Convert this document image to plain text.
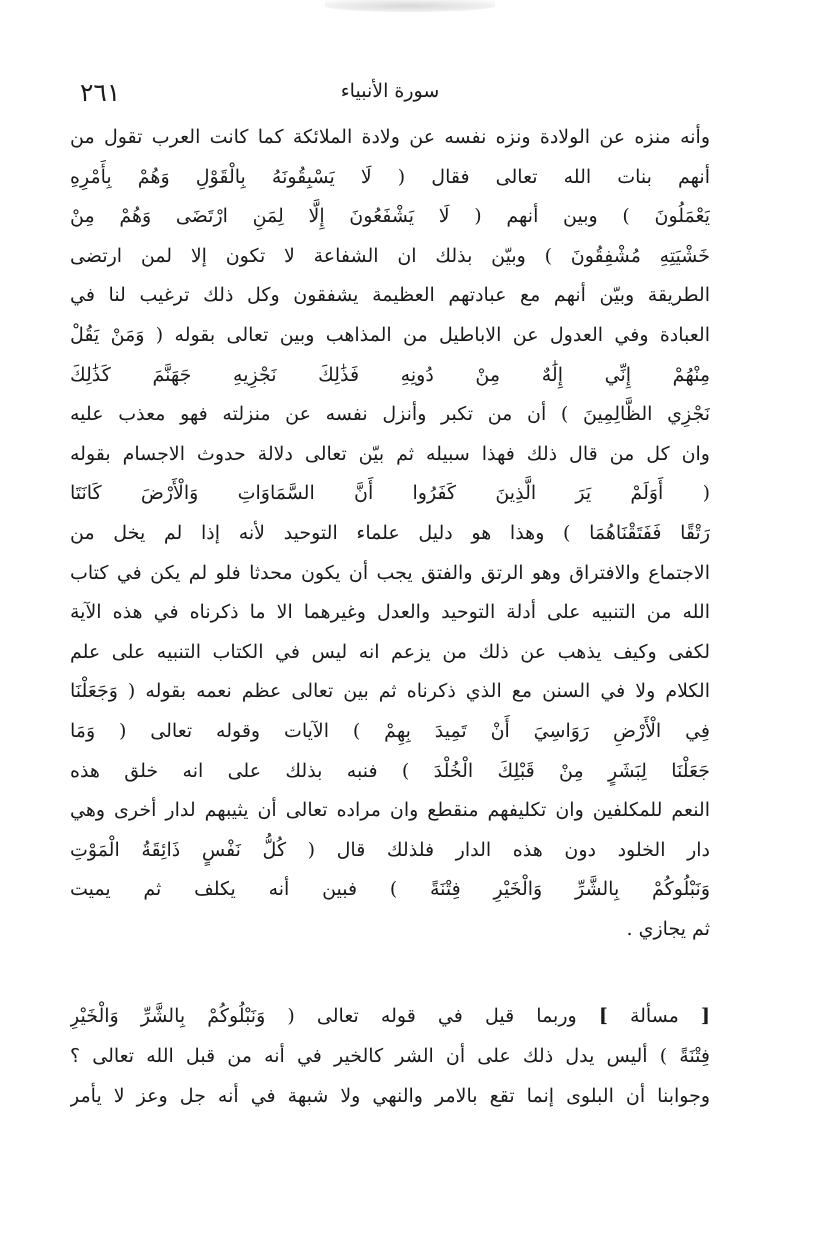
سورة الأنبياء
٢٦١

وأنه منزه عن الولادة ونزه نفسه عن ولادة الملائكة كما كانت العرب تقول من
أنهم بنات الله تعالى فقال ( لَا يَسْبِقُونَهُ بِالْقَوْلِ وَهُمْ بِأَمْرِهِ
يَعْمَلُونَ ) وبين أنهم ( لَا يَشْفَعُونَ إِلَّا لِمَنِ ارْتَضَى وَهُمْ مِنْ
خَشْيَتِهِ مُشْفِقُونَ ) وبيّن بذلك ان الشفاعة لا تكون إلا لمن ارتضى
الطريقة وبيّن أنهم مع عبادتهم العظيمة يشفقون وكل ذلك ترغيب لنا في
العبادة وفي العدول عن الاباطيل من المذاهب وبين تعالى بقوله ( وَمَنْ يَقُلْ
مِنْهُمْ إِنِّي إِلَٰهٌ مِنْ دُونِهِ فَذَٰلِكَ نَجْزِيهِ جَهَنَّمَ كَذَٰلِكَ
نَجْزِي الظَّالِمِينَ ) أن من تكبر وأنزل نفسه عن منزلته فهو معذب عليه
وان كل من قال ذلك فهذا سبيله ثم بيّن تعالى دلالة حدوث الاجسام بقوله
( أَوَلَمْ يَرَ الَّذِينَ كَفَرُوا أَنَّ السَّمَاوَاتِ وَالْأَرْضَ كَانَتَا
رَتْقًا فَفَتَقْنَاهُمَا ) وهذا هو دليل علماء التوحيد لأنه إذا لم يخل من
الاجتماع والافتراق وهو الرتق والفتق يجب أن يكون محدثا فلو لم يكن في كتاب
الله من التنبيه على أدلة التوحيد والعدل وغيرهما الا ما ذكرناه في هذه الآية
لكفى وكيف يذهب عن ذلك من يزعم انه ليس في الكتاب التنبيه على علم
الكلام ولا في السنن مع الذي ذكرناه ثم بين تعالى عظم نعمه بقوله ( وَجَعَلْنَا
فِي الْأَرْضِ رَوَاسِيَ أَنْ تَمِيدَ بِهِمْ ) الآيات وقوله تعالى ( وَمَا
جَعَلْنَا لِبَشَرٍ مِنْ قَبْلِكَ الْخُلْدَ ) فنبه بذلك على انه خلق هذه
النعم للمكلفين وان تكليفهم منقطع وان مراده تعالى أن يثيبهم لدار أخرى وهي
دار الخلود دون هذه الدار فلذلك قال ( كُلُّ نَفْسٍ ذَائِقَةُ الْمَوْتِ
وَنَبْلُوكُمْ بِالشَّرِّ وَالْخَيْرِ فِتْنَةً ) فبين أنه يكلف ثم يميت
ثم يجازي .

[ مسألة ] وربما قيل في قوله تعالى ( وَنَبْلُوكُمْ بِالشَّرِّ وَالْخَيْرِ
فِتْنَةً ) أليس يدل ذلك على أن الشر كالخير في أنه من قبل الله تعالى ؟
وجوابنا أن البلوى إنما تقع بالامر والنهي ولا شبهة في أنه جل وعز لا يأمر
